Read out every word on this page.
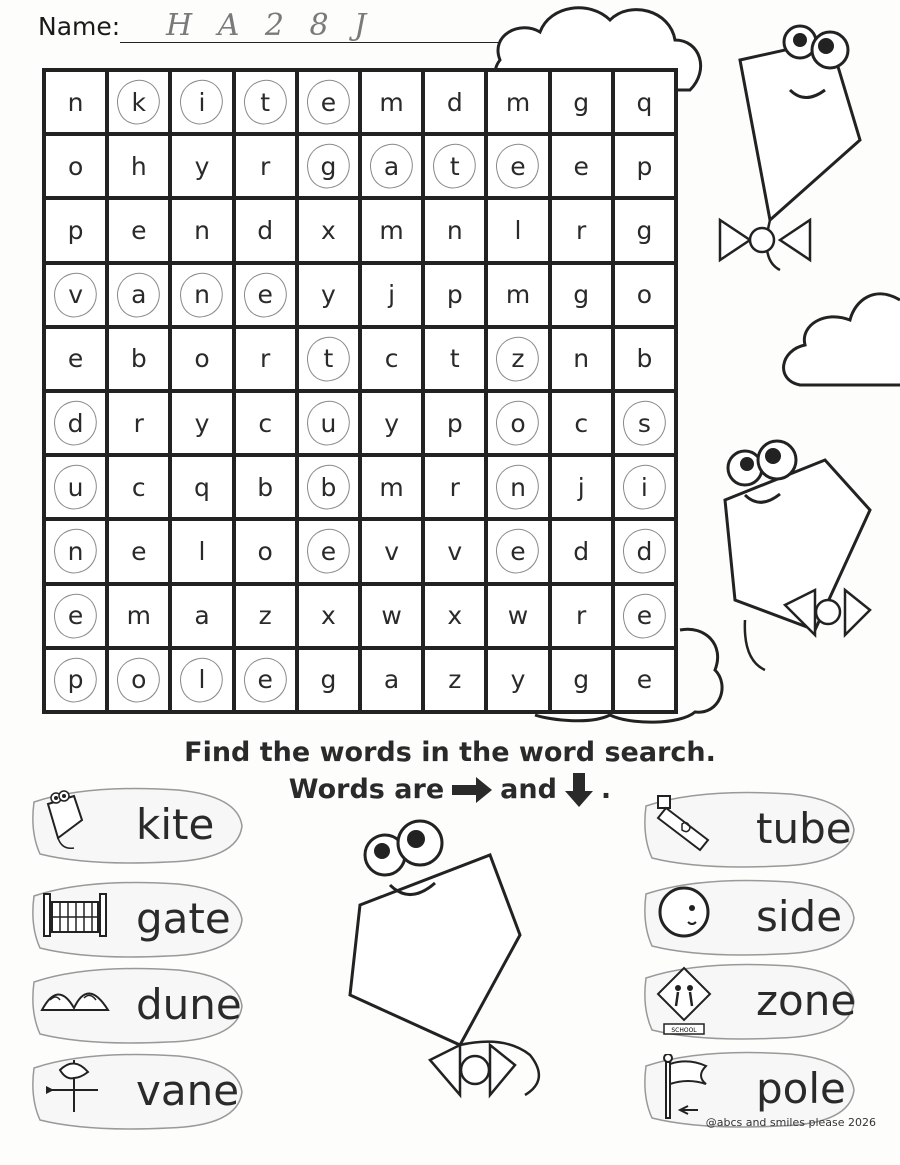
Name: H A 2 8 J
n	k	i	t	e	m	d	m	g	q
o	h	y	r	g	a	t	e	e	p
p	e	n	d	x	m	n	l	r	g
v	a	n	e	y	j	p	m	g	o
e	b	o	r	t	c	t	z	n	b
d	r	y	c	u	y	p	o	c	s
u	c	q	b	b	m	r	n	j	i
n	e	l	o	e	v	v	e	d	d
e	m	a	z	x	w	x	w	r	e
p	o	l	e	g	a	z	y	g	e
Find the words in the word search.
Words are and .
kite
gate
dune
vane
tube
side
SCHOOL
zone
pole
@abcs and smiles please 2026
